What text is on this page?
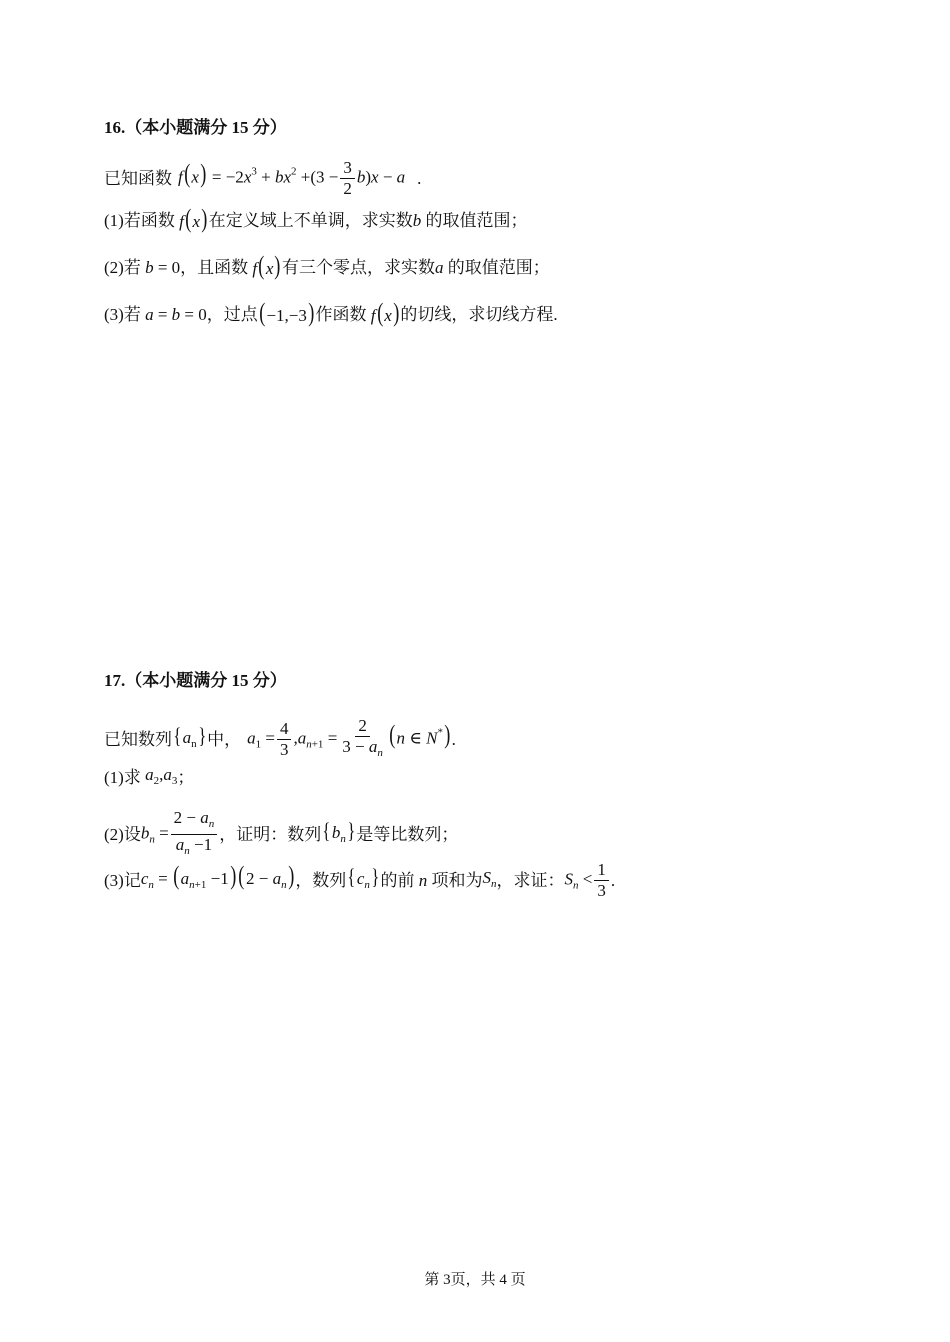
16.（本小题满分 15 分）
已知函数 $f(x) = -2x^3 + bx^2 +(3 - \frac{3}{2} b)x - a$ .
(1)若函数 f(x) 在定义域上不单调，求实数 b 的取值范围；
(2)若 b = 0 ，且函数 f(x) 有三个零点，求实数 a 的取值范围；
(3)若 a = b = 0 ，过点 (−1,−3) 作函数 f(x) 的切线，求切线方程.
17.（本小题满分 15 分）
已知数列 $\{a_n\}$ 中， $a_1 = \frac{4}{3} ,a_{n+1} = \frac{2}{3 - a_n} (n$ ∈ N*) .
(1)求 $a_2,a_3$ ；
(2)设 $b_n = \frac{2 - a_n}{a_n -1}$ ，证明：数列 $\{b_n\}$ 是等比数列；
(3)记 $c_n = (a_{n+1} -1) (2 - a_n)$ ，数列 $\{c_n\}$ 的前 n 项和为 $S_n$ ，求证： $S_n < \frac{1}{3}$ .
第 3页，共 4 页
